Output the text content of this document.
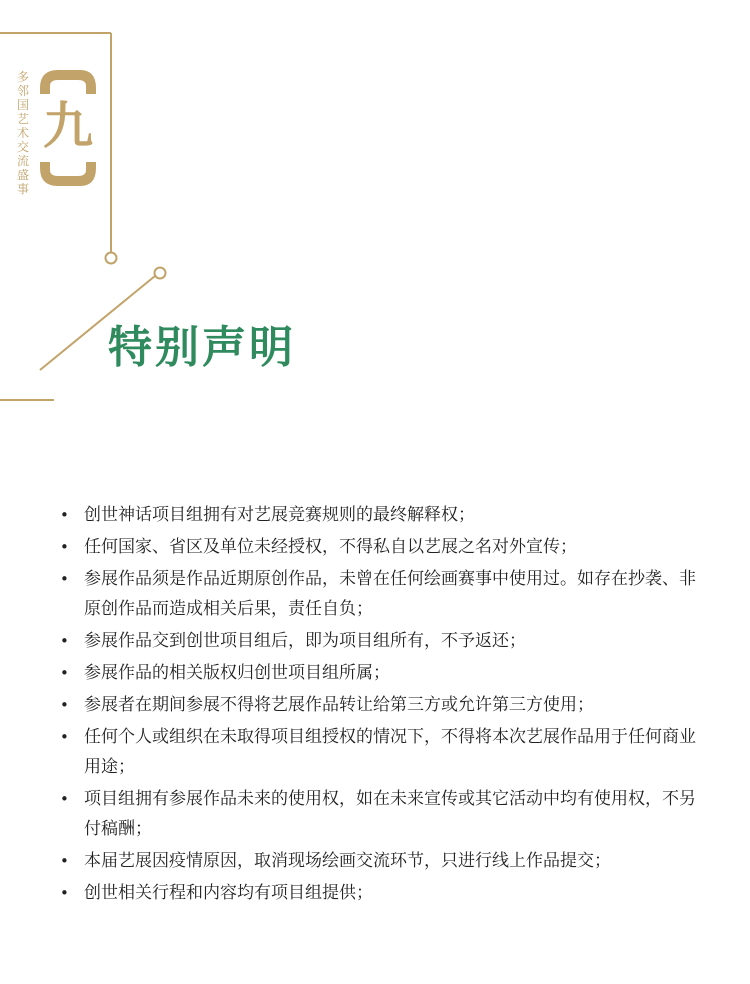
多邻国艺术交流盛事
九
特别声明
• 创世神话项目组拥有对艺展竞赛规则的最终解释权；
• 任何国家、省区及单位未经授权，不得私自以艺展之名对外宣传；
• 参展作品须是作品近期原创作品，未曾在任何绘画赛事中使用过。如存在抄袭、非原创作品而造成相关后果，责任自负；
• 参展作品交到创世项目组后，即为项目组所有，不予返还；
• 参展作品的相关版权归创世项目组所属；
• 参展者在期间参展不得将艺展作品转让给第三方或允许第三方使用；
• 任何个人或组织在未取得项目组授权的情况下，不得将本次艺展作品用于任何商业用途；
• 项目组拥有参展作品未来的使用权，如在未来宣传或其它活动中均有使用权，不另付稿酬；
• 本届艺展因疫情原因，取消现场绘画交流环节，只进行线上作品提交；
• 创世相关行程和内容均有项目组提供；
